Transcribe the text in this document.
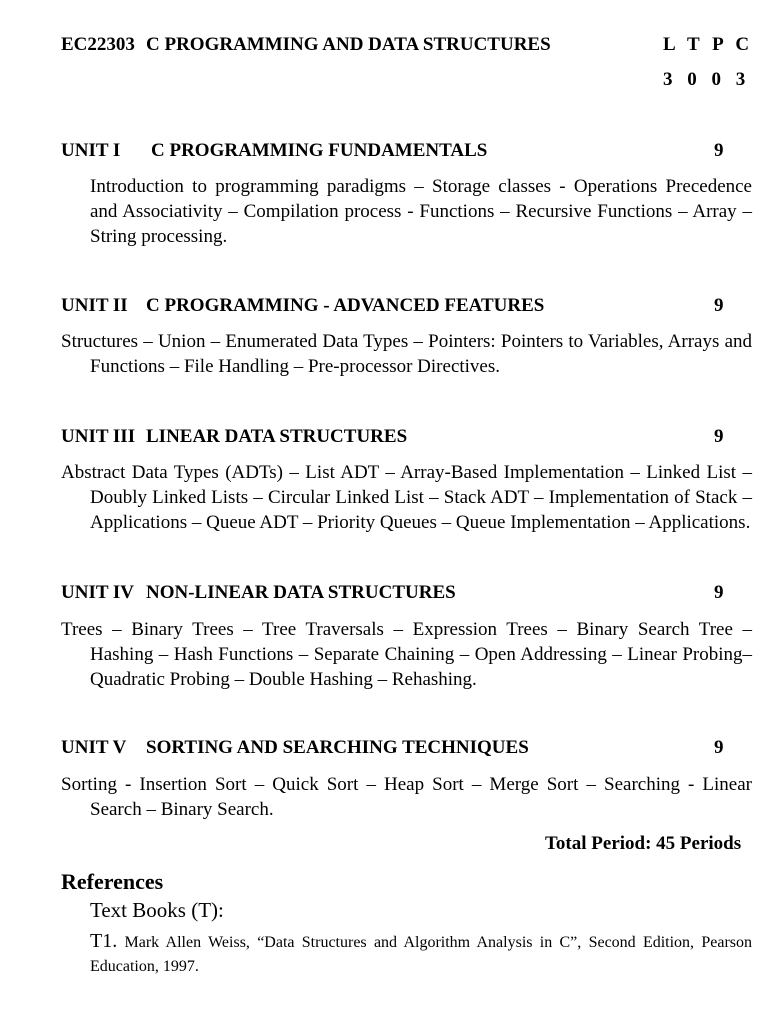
EC22303 C PROGRAMMING AND DATA STRUCTURES	L T P C
3 0 0 3
UNIT I C PROGRAMMING FUNDAMENTALS	9
Introduction to programming paradigms – Storage classes - Operations Precedence and Associativity – Compilation process - Functions – Recursive Functions – Array – String processing.
UNIT II C PROGRAMMING - ADVANCED FEATURES	9
Structures – Union – Enumerated Data Types – Pointers: Pointers to Variables, Arrays and Functions – File Handling – Pre-processor Directives.
UNIT III LINEAR DATA STRUCTURES	9
Abstract Data Types (ADTs) – List ADT – Array-Based Implementation – Linked List – Doubly Linked Lists – Circular Linked List – Stack ADT – Implementation of Stack – Applications – Queue ADT – Priority Queues – Queue Implementation – Applications.
UNIT IV NON-LINEAR DATA STRUCTURES	9
Trees – Binary Trees – Tree Traversals – Expression Trees – Binary Search Tree – Hashing – Hash Functions – Separate Chaining – Open Addressing – Linear Probing– Quadratic Probing – Double Hashing – Rehashing.
UNIT V SORTING AND SEARCHING TECHNIQUES	9
Sorting - Insertion Sort – Quick Sort – Heap Sort – Merge Sort – Searching - Linear Search – Binary Search.
Total Period: 45 Periods
References
Text Books (T):
T1. Mark Allen Weiss, “Data Structures and Algorithm Analysis in C”, Second Edition, Pearson Education, 1997.
